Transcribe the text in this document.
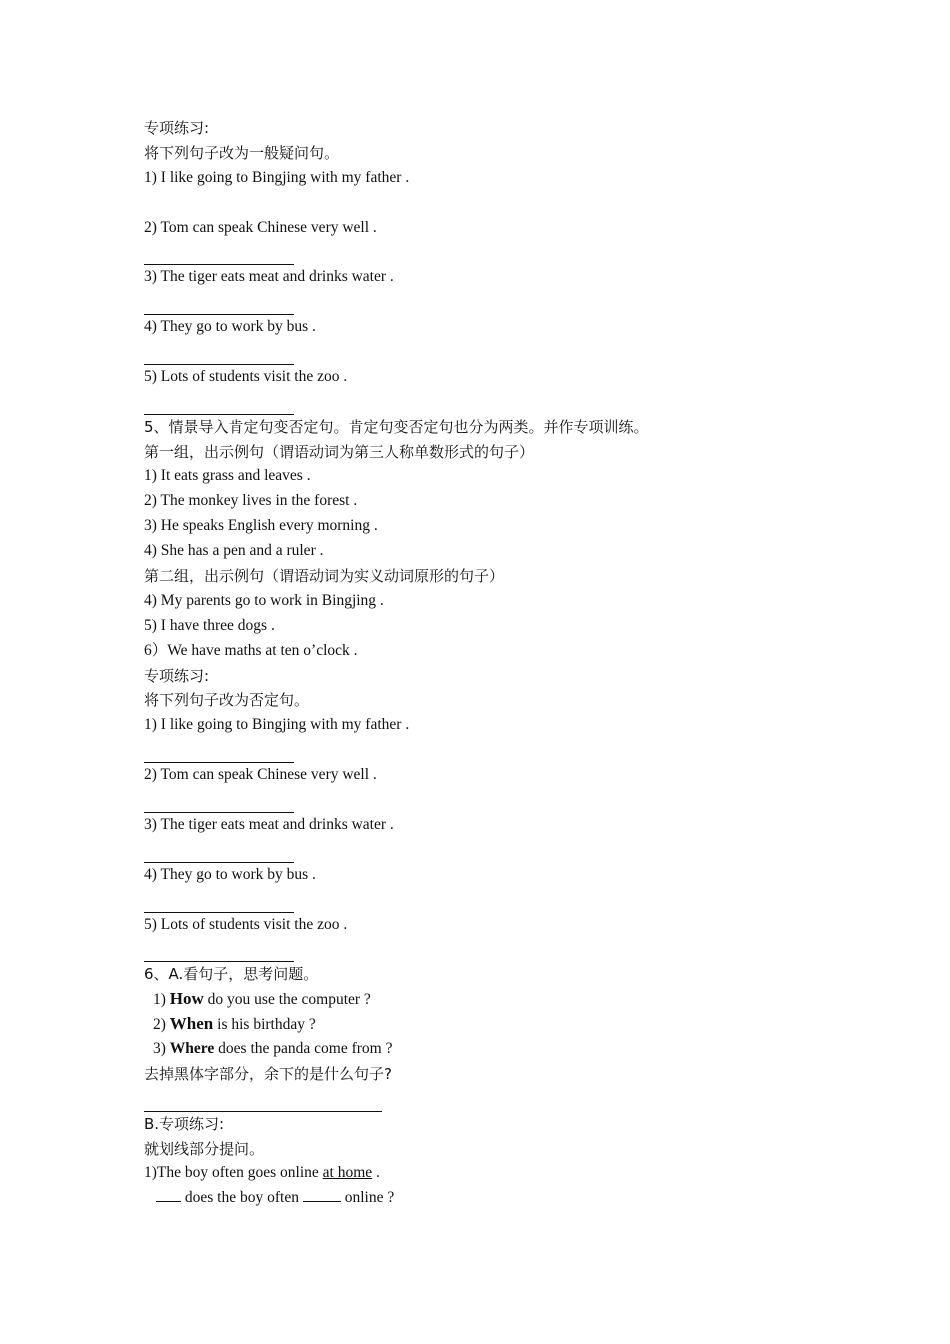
专项练习:
将下列句子改为一般疑问句。
1) I like going to Bingjing with my father .
2) Tom can speak Chinese very well .
3) The tiger eats meat and drinks water .
4) They go to work by bus .
5) Lots of students visit the zoo .
5、情景导入肯定句变否定句。肯定句变否定句也分为两类。并作专项训练。
第一组，出示例句（谓语动词为第三人称单数形式的句子）
1) It eats grass and leaves .
2) The monkey lives in the forest .
3) He speaks English every morning .
4) She has a pen and a ruler .
第二组，出示例句（谓语动词为实义动词原形的句子）
4) My parents go to work in Bingjing .
5) I have three dogs .
6）We have maths at ten o’clock .
专项练习:
将下列句子改为否定句。
1) I like going to Bingjing with my father .
2) Tom can speak Chinese very well .
3) The tiger eats meat and drinks water .
4) They go to work by bus .
5) Lots of students visit the zoo .
6、A.看句子，思考问题。
1) How do you use the computer ?
2) When is his birthday ?
3) Where does the panda come from ?
去掉黑体字部分，余下的是什么句子?
B.专项练习:
就划线部分提问。
1)The boy often goes online at home .
does the boy often	online ?
